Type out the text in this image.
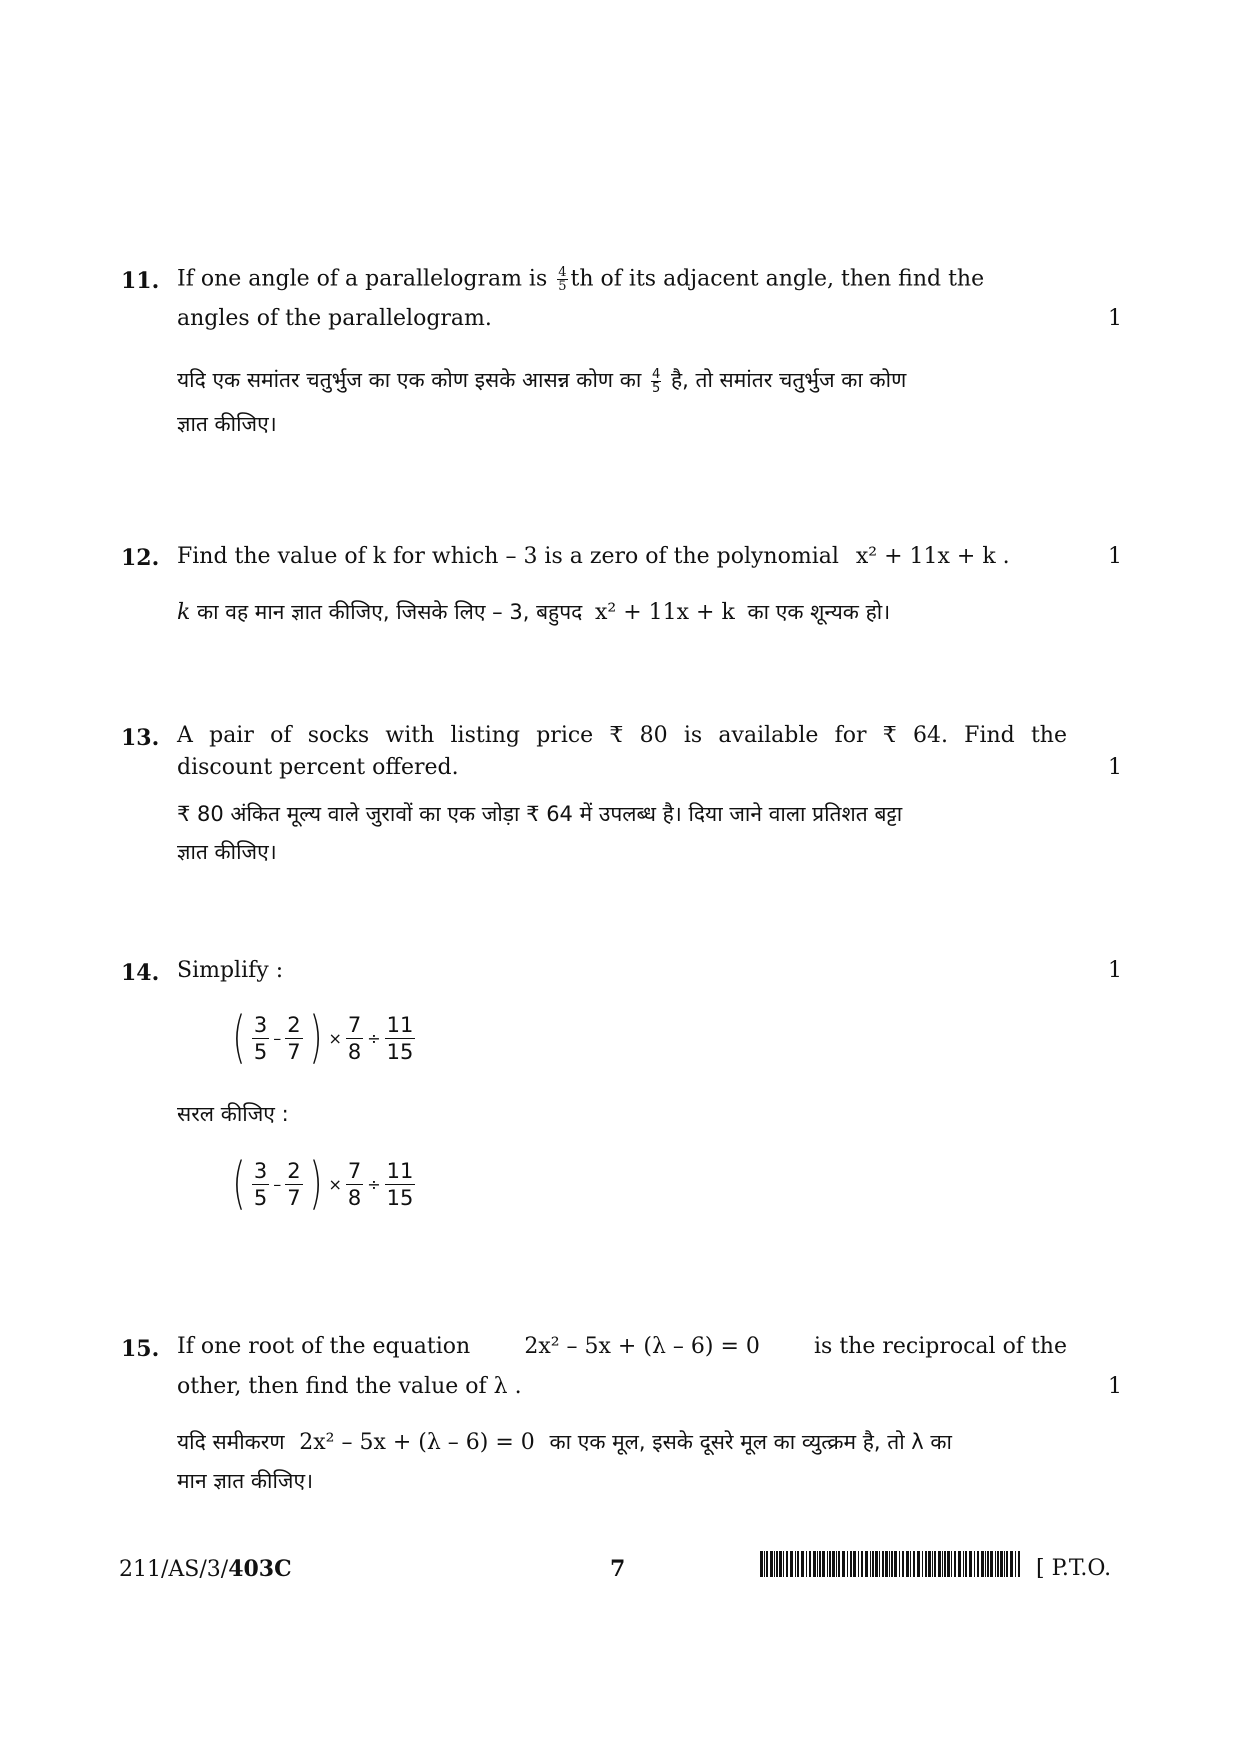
11. If one angle of a parallelogram is $\frac{4}{5}$ th of its adjacent angle, then find the
angles of the parallelogram.	1
यदि एक समांतर चतुर्भुज का एक कोण इसके आसन्न कोण का $\frac{4}{5}$ है, तो समांतर चतुर्भुज का कोण
ज्ञात कीजिए।
12. Find the value of k for which – 3 is a zero of the polynomial x² + 11x + k .	1
k का वह मान ज्ञात कीजिए, जिसके लिए – 3, बहुपद x² + 11x + k का एक शून्यक हो।
13. A pair of socks with listing price ₹ 80 is available for ₹ 64. Find the
discount percent offered.	1
₹ 80 अंकित मूल्य वाले जुरावों का एक जोड़ा ₹ 64 में उपलब्ध है। दिया जाने वाला प्रतिशत बट्टा
ज्ञात कीजिए।
14. Simplify :	1
( 3
5
–
2
7 ) × $\frac{7}{8} \div \frac{11}{15}$
सरल कीजिए :
( 3
5
–
2
7 ) × $\frac{7}{8} \div \frac{11}{15}$
15. If one root of the equation 2x² – 5x + (λ – 6) = 0 is the reciprocal of the
other, then find the value of λ .	1
यदि समीकरण 2x² – 5x + (λ – 6) = 0 का एक मूल, इसके दूसरे मूल का व्युत्क्रम है, तो λ का
मान ज्ञात कीजिए।
211/AS/3/403C	7	[ P.T.O.
